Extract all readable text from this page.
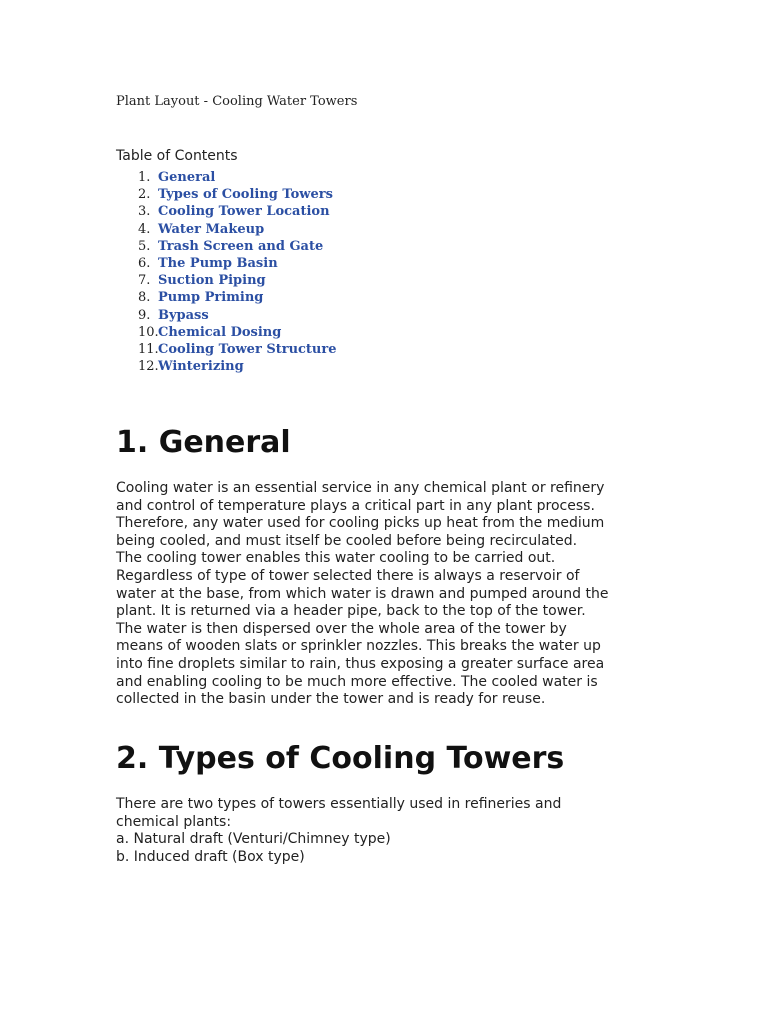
Plant Layout - Cooling Water Towers
Table of Contents
1. General
2. Types of Cooling Towers
3. Cooling Tower Location
4. Water Makeup
5. Trash Screen and Gate
6. The Pump Basin
7. Suction Piping
8. Pump Priming
9. Bypass
10. Chemical Dosing
11. Cooling Tower Structure
12. Winterizing
1. General
Cooling water is an essential service in any chemical plant or refinery
and control of temperature plays a critical part in any plant process.
Therefore, any water used for cooling picks up heat from the medium
being cooled, and must itself be cooled before being recirculated.
The cooling tower enables this water cooling to be carried out.
Regardless of type of tower selected there is always a reservoir of
water at the base, from which water is drawn and pumped around the
plant. It is returned via a header pipe, back to the top of the tower.
The water is then dispersed over the whole area of the tower by
means of wooden slats or sprinkler nozzles. This breaks the water up
into fine droplets similar to rain, thus exposing a greater surface area
and enabling cooling to be much more effective. The cooled water is
collected in the basin under the tower and is ready for reuse.
2. Types of Cooling Towers
There are two types of towers essentially used in refineries and
chemical plants:
a. Natural draft (Venturi/Chimney type)
b. Induced draft (Box type)
